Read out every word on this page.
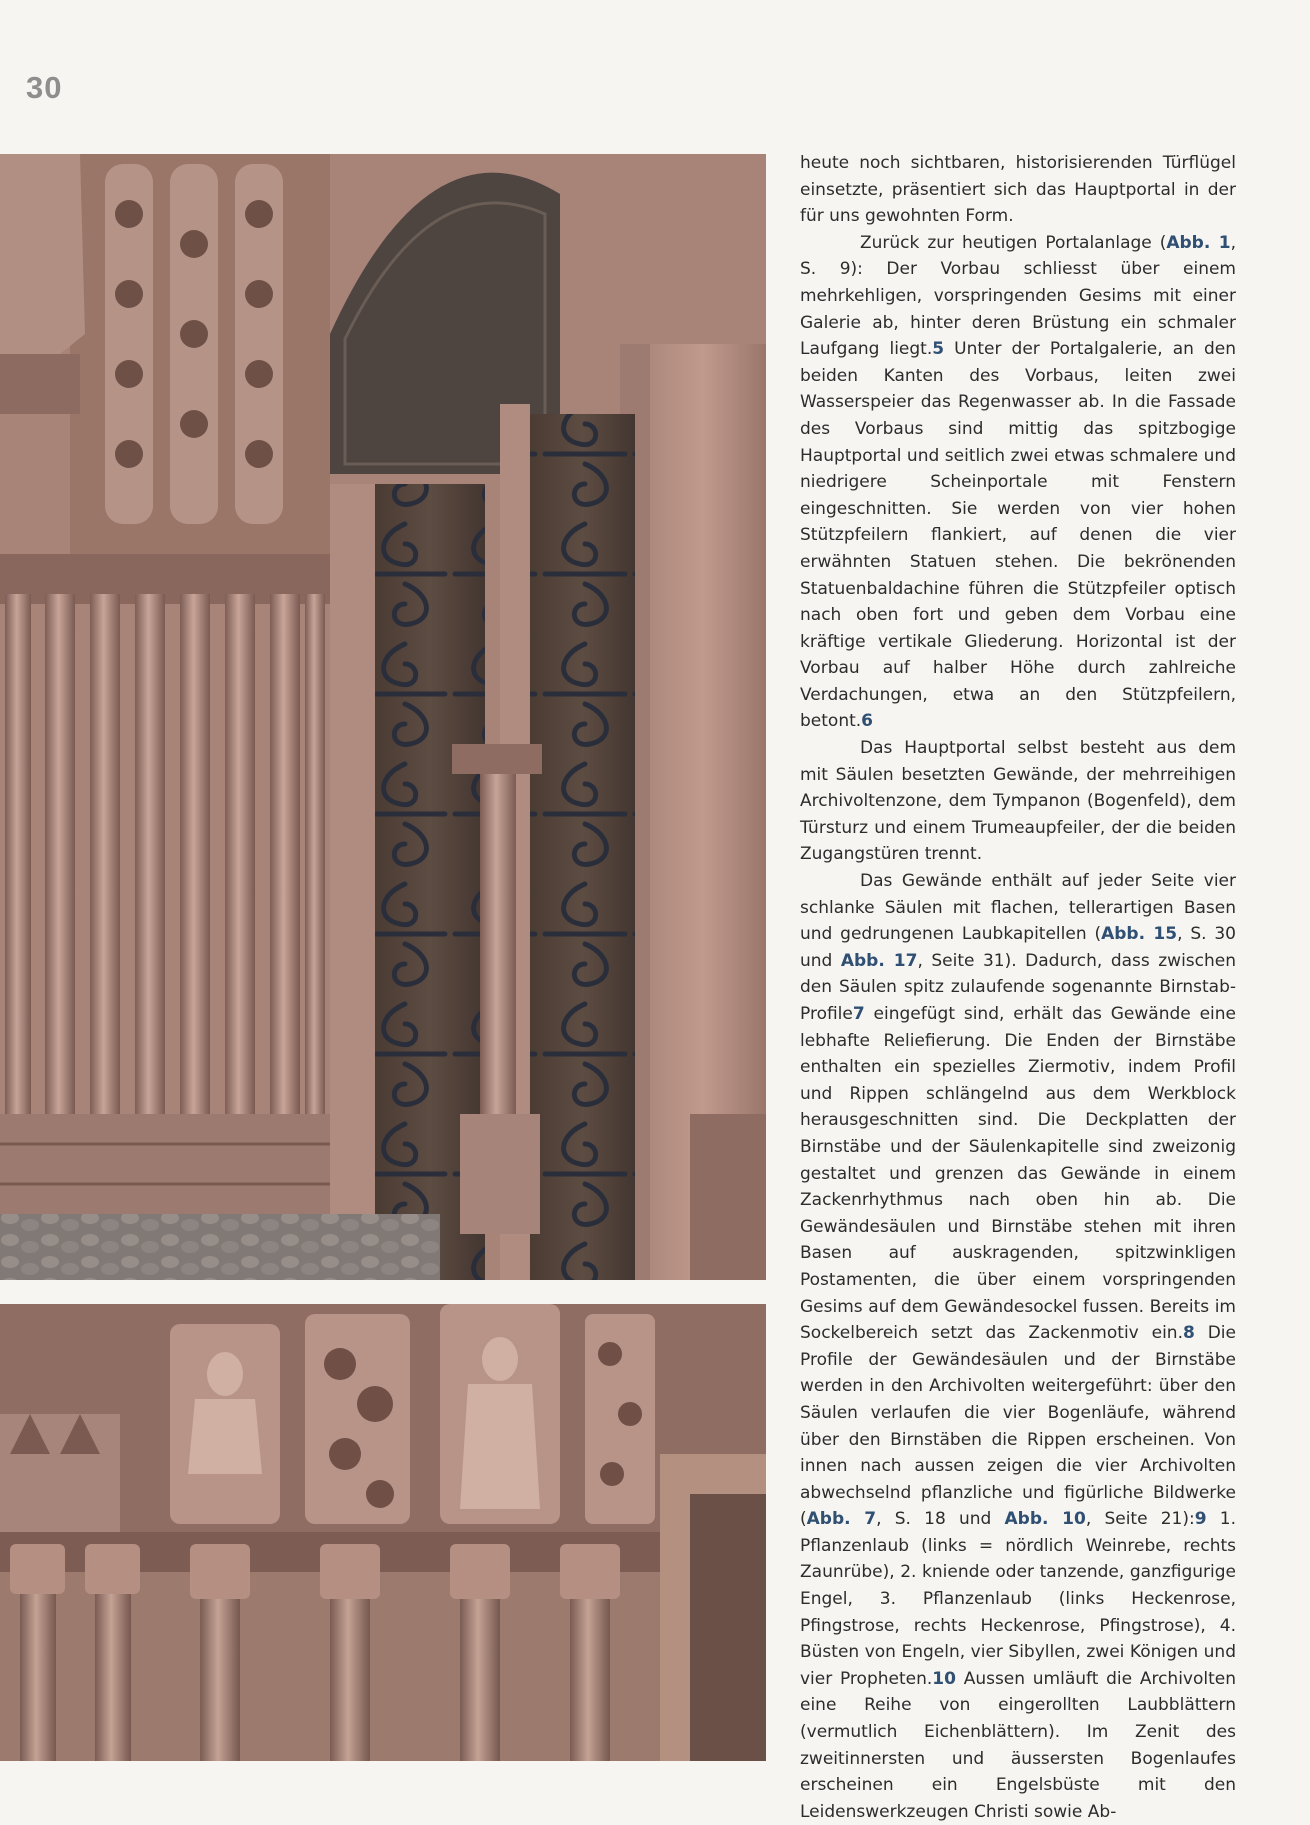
30

heute noch sichtbaren, historisierenden Türflügel einsetzte, präsentiert sich das Hauptportal in der für uns gewohnten Form.

Zurück zur heutigen Portalanlage (Abb. 1, S. 9): Der Vorbau schliesst über einem mehrkehligen, vorspringenden Gesims mit einer Galerie ab, hinter deren Brüstung ein schmaler Laufgang liegt.5 Unter der Portalgalerie, an den beiden Kanten des Vorbaus, leiten zwei Wasserspeier das Regenwasser ab. In die Fassade des Vorbaus sind mittig das spitzbogige Hauptportal und seitlich zwei etwas schmalere und niedrigere Scheinportale mit Fenstern eingeschnitten. Sie werden von vier hohen Stützpfeilern flankiert, auf denen die vier erwähnten Statuen stehen. Die bekrönenden Statuenbaldachine führen die Stützpfeiler optisch nach oben fort und geben dem Vorbau eine kräftige vertikale Gliederung. Horizontal ist der Vorbau auf halber Höhe durch zahlreiche Verdachungen, etwa an den Stützpfeilern, betont.6

Das Hauptportal selbst besteht aus dem mit Säulen besetzten Gewände, der mehrreihigen Archivoltenzone, dem Tympanon (Bogenfeld), dem Türsturz und einem Trumeaupfeiler, der die beiden Zugangstüren trennt.

Das Gewände enthält auf jeder Seite vier schlanke Säulen mit flachen, tellerartigen Basen und gedrungenen Laubkapitellen (Abb. 15, S. 30 und Abb. 17, Seite 31). Dadurch, dass zwischen den Säulen spitz zulaufende sogenannte Birnstab-Profile7 eingefügt sind, erhält das Gewände eine lebhafte Reliefierung. Die Enden der Birnstäbe enthalten ein spezielles Ziermotiv, indem Profil und Rippen schlängelnd aus dem Werkblock herausgeschnitten sind. Die Deckplatten der Birnstäbe und der Säulenkapitelle sind zweizonig gestaltet und grenzen das Gewände in einem Zackenrhythmus nach oben hin ab. Die Gewändesäulen und Birnstäbe stehen mit ihren Basen auf auskragenden, spitzwinkligen Postamenten, die über einem vorspringenden Gesims auf dem Gewändesockel fussen. Bereits im Sockelbereich setzt das Zackenmotiv ein.8 Die Profile der Gewändesäulen und der Birnstäbe werden in den Archivolten weitergeführt: über den Säulen verlaufen die vier Bogenläufe, während über den Birnstäben die Rippen erscheinen. Von innen nach aussen zeigen die vier Archivolten abwechselnd pflanzliche und figürliche Bildwerke (Abb. 7, S. 18 und Abb. 10, Seite 21):9 1. Pflanzenlaub (links = nördlich Weinrebe, rechts Zaunrübe), 2. kniende oder tanzende, ganzfigurige Engel, 3. Pflanzenlaub (links Heckenrose, Pfingstrose, rechts Heckenrose, Pfingstrose), 4. Büsten von Engeln, vier Sibyllen, zwei Königen und vier Propheten.10 Aussen umläuft die Archivolten eine Reihe von eingerollten Laubblättern (vermutlich Eichenblättern). Im Zenit des zweitinnersten und äussersten Bogenlaufes erscheinen ein Engelsbüste mit den Leidenswerkzeugen Christi sowie Ab-
